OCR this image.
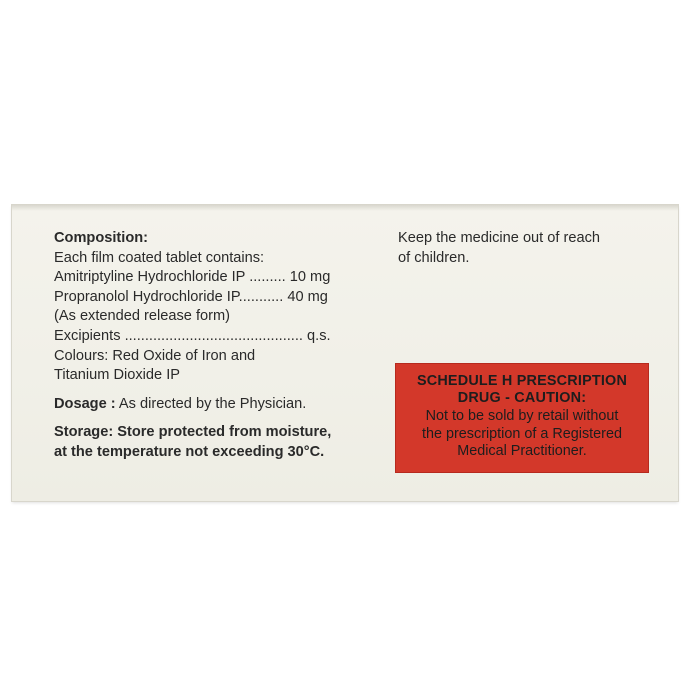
Composition:
Each film coated tablet contains:
Amitriptyline Hydrochloride IP ......... 10 mg
Propranolol Hydrochloride IP........... 40 mg
(As extended release form)
Excipients ............................................ q.s.
Colours: Red Oxide of Iron and
Titanium Dioxide IP
Dosage : As directed by the Physician.
Storage: Store protected from moisture,
at the temperature not exceeding 30°C.
Keep the medicine out of reach
of children.
SCHEDULE H PRESCRIPTION
DRUG - CAUTION:
Not to be sold by retail without
the prescription of a Registered
Medical Practitioner.
